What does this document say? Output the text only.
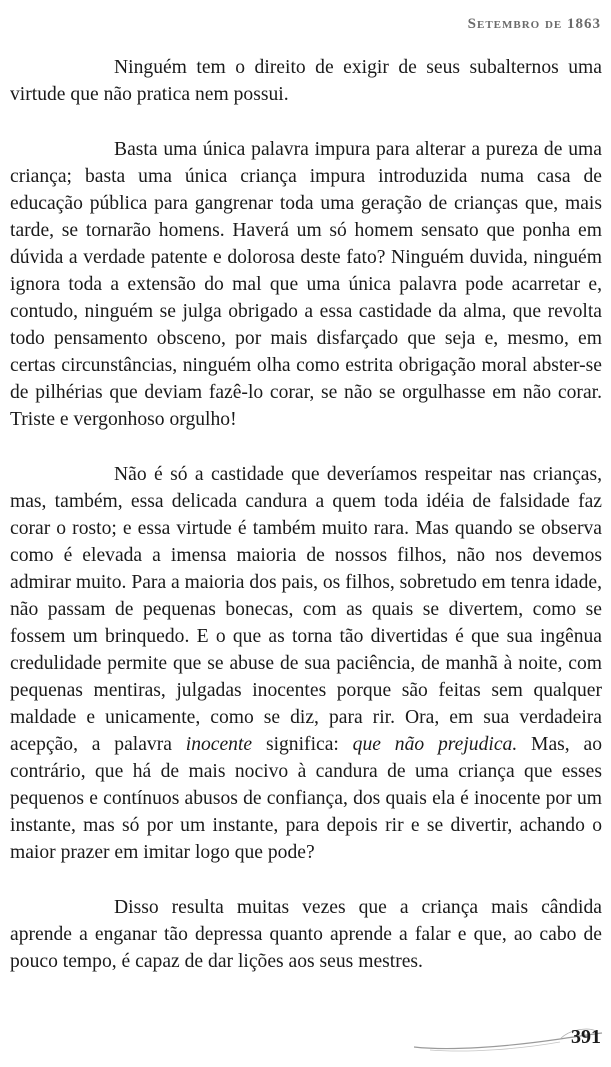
Setembro de 1863

Ninguém tem o direito de exigir de seus subalternos uma virtude que não pratica nem possui.

Basta uma única palavra impura para alterar a pureza de uma criança; basta uma única criança impura introduzida numa casa de educação pública para gangrenar toda uma geração de crianças que, mais tarde, se tornarão homens. Haverá um só homem sensato que ponha em dúvida a verdade patente e dolorosa deste fato? Ninguém duvida, ninguém ignora toda a extensão do mal que uma única palavra pode acarretar e, contudo, ninguém se julga obrigado a essa castidade da alma, que revolta todo pensamento obsceno, por mais disfarçado que seja e, mesmo, em certas circunstâncias, ninguém olha como estrita obrigação moral abster-se de pilhérias que deviam fazê-lo corar, se não se orgulhasse em não corar. Triste e vergonhoso orgulho!

Não é só a castidade que deveríamos respeitar nas crianças, mas, também, essa delicada candura a quem toda idéia de falsidade faz corar o rosto; e essa virtude é também muito rara. Mas quando se observa como é elevada a imensa maioria de nossos filhos, não nos devemos admirar muito. Para a maioria dos pais, os filhos, sobretudo em tenra idade, não passam de pequenas bonecas, com as quais se divertem, como se fossem um brinquedo. E o que as torna tão divertidas é que sua ingênua credulidade permite que se abuse de sua paciência, de manhã à noite, com pequenas mentiras, julgadas inocentes porque são feitas sem qualquer maldade e unicamente, como se diz, para rir. Ora, em sua verdadeira acepção, a palavra inocente significa: que não prejudica. Mas, ao contrário, que há de mais nocivo à candura de uma criança que esses pequenos e contínuos abusos de confiança, dos quais ela é inocente por um instante, mas só por um instante, para depois rir e se divertir, achando o maior prazer em imitar logo que pode?

Disso resulta muitas vezes que a criança mais cândida aprende a enganar tão depressa quanto aprende a falar e que, ao cabo de pouco tempo, é capaz de dar lições aos seus mestres.

391
